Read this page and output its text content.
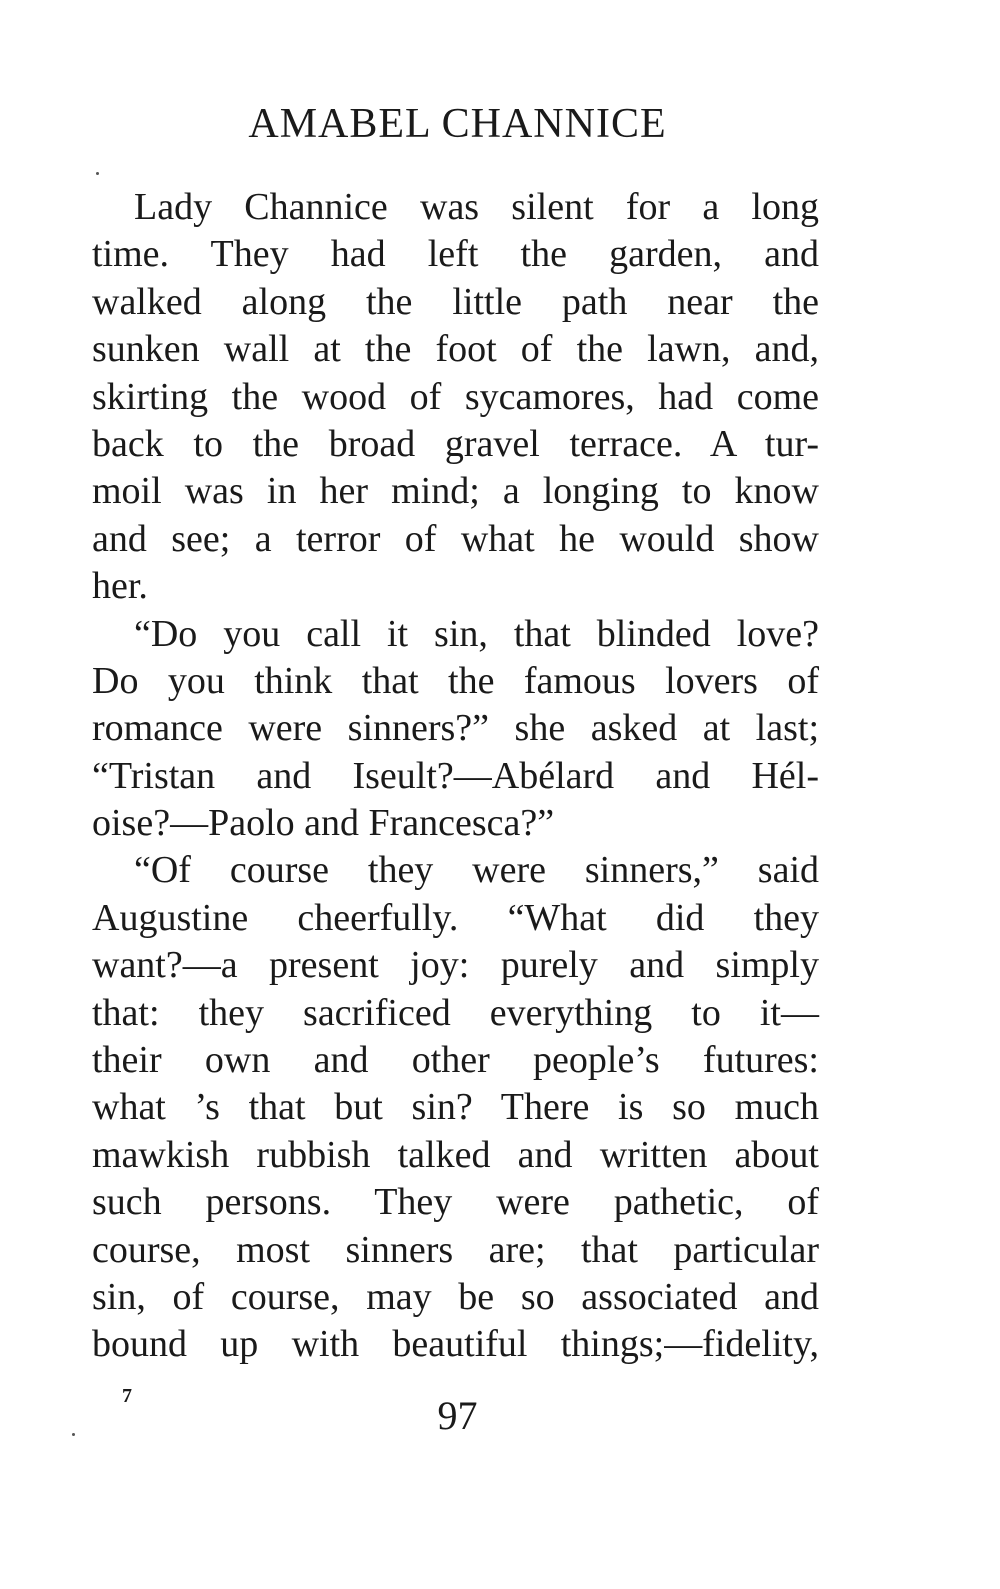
AMABEL CHANNICE
Lady Channice was silent for a long
time. They had left the garden, and
walked along the little path near the
sunken wall at the foot of the lawn, and,
skirting the wood of sycamores, had come
back to the broad gravel terrace. A tur-
moil was in her mind; a longing to know
and see; a terror of what he would show
her.
“Do you call it sin, that blinded love?
Do you think that the famous lovers of
romance were sinners?” she asked at last;
“Tristan and Iseult?—Abélard and Hél-
oise?—Paolo and Francesca?”
“Of course they were sinners,” said
Augustine cheerfully. “What did they
want?—a present joy: purely and simply
that: they sacrificed everything to it—
their own and other people’s futures:
what ’s that but sin? There is so much
mawkish rubbish talked and written about
such persons. They were pathetic, of
course, most sinners are; that particular
sin, of course, may be so associated and
bound up with beautiful things;—fidelity,
7	97
